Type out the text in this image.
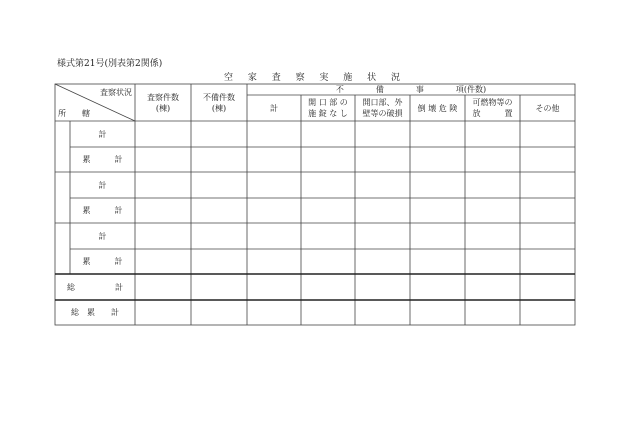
様式第21号(別表第2関係)
空 家 査 察 実 施 状 況
査察状況
所　　轄
査察件数
(棟)
不備件数
(棟)
不　　　　備　　　　事　　　　項(件数)
計
開 口 部 の
施 錠 な し
開口部、外
壁等の破損
倒 壊 危 険
可燃物等の
放　　　置
その他
計
累　　　計
計
累　　　計
計
累　　　計
総　　　　　計
総　累　　計
